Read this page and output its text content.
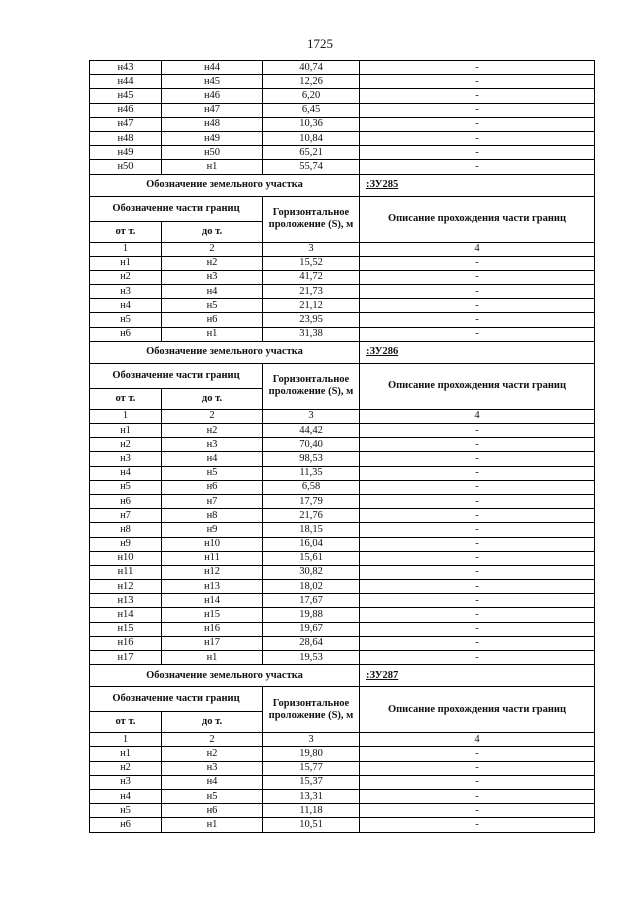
1725
н43	н44	40,74	-
н44	н45	12,26	-
н45	н46	6,20	-
н46	н47	6,45	-
н47	н48	10,36	-
н48	н49	10,84	-
н49	н50	65,21	-
н50	н1	55,74	-
Обозначение земельного участка			:ЗУ285
Обозначение части границ		Горизонтальное проложение (S), м	Описание прохождения части границ
от т.	до т.		
1	2	3	4
н1	н2	15,52	-
н2	н3	41,72	-
н3	н4	21,73	-
н4	н5	21,12	-
н5	н6	23,95	-
н6	н1	31,38	-
Обозначение земельного участка			:ЗУ286
Обозначение части границ		Горизонтальное проложение (S), м	Описание прохождения части границ
от т.	до т.		
1	2	3	4
н1	н2	44,42	-
н2	н3	70,40	-
н3	н4	98,53	-
н4	н5	11,35	-
н5	н6	6,58	-
н6	н7	17,79	-
н7	н8	21,76	-
н8	н9	18,15	-
н9	н10	16,04	-
н10	н11	15,61	-
н11	н12	30,82	-
н12	н13	18,02	-
н13	н14	17,67	-
н14	н15	19,88	-
н15	н16	19,67	-
н16	н17	28,64	-
н17	н1	19,53	-
Обозначение земельного участка			:ЗУ287
Обозначение части границ		Горизонтальное проложение (S), м	Описание прохождения части границ
от т.	до т.		
1	2	3	4
н1	н2	19,80	-
н2	н3	15,77	-
н3	н4	15,37	-
н4	н5	13,31	-
н5	н6	11,18	-
н6	н1	10,51	-
